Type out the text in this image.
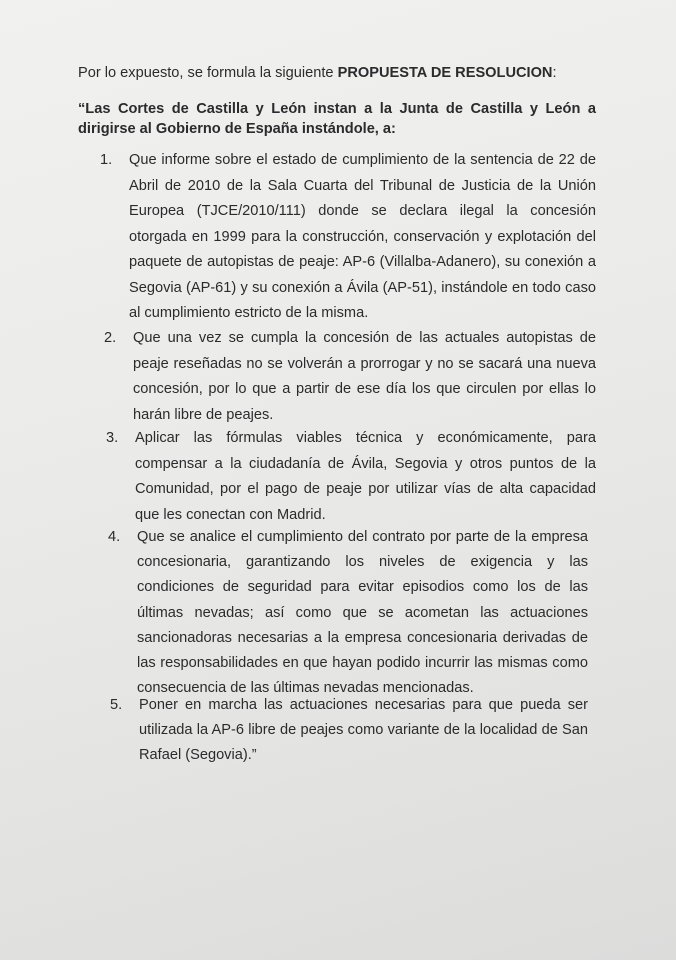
Por lo expuesto, se formula la siguiente PROPUESTA DE RESOLUCION:
“Las Cortes de Castilla y León instan a la Junta de Castilla y León a dirigirse al Gobierno de España instándole, a:
1.	Que informe sobre el estado de cumplimiento de la sentencia de 22 de Abril de 2010 de la Sala Cuarta del Tribunal de Justicia de la Unión Europea (TJCE/2010/111) donde se declara ilegal la concesión otorgada en 1999 para la construcción, conservación y explotación del paquete de autopistas de peaje: AP-6 (Villalba-Adanero), su conexión a Segovia (AP-61) y su conexión a Ávila (AP-51), instándole en todo caso al cumplimiento estricto de la misma.
2.	Que una vez se cumpla la concesión de las actuales autopistas de peaje reseñadas no se volverán a prorrogar y no se sacará una nueva concesión, por lo que a partir de ese día los que circulen por ellas lo harán libre de peajes.
3.	Aplicar las fórmulas viables técnica y económicamente, para compensar a la ciudadanía de Ávila, Segovia y otros puntos de la Comunidad, por el pago de peaje por utilizar vías de alta capacidad que les conectan con Madrid.
4.	Que se analice el cumplimiento del contrato por parte de la empresa concesionaria, garantizando los niveles de exigencia y las condiciones de seguridad para evitar episodios como los de las últimas nevadas; así como que se acometan las actuaciones sancionadoras necesarias a la empresa concesionaria derivadas de las responsabilidades en que hayan podido incurrir las mismas como consecuencia de las últimas nevadas mencionadas.
5.	Poner en marcha las actuaciones necesarias para que pueda ser utilizada la AP-6 libre de peajes como variante de la localidad de San Rafael (Segovia).”
